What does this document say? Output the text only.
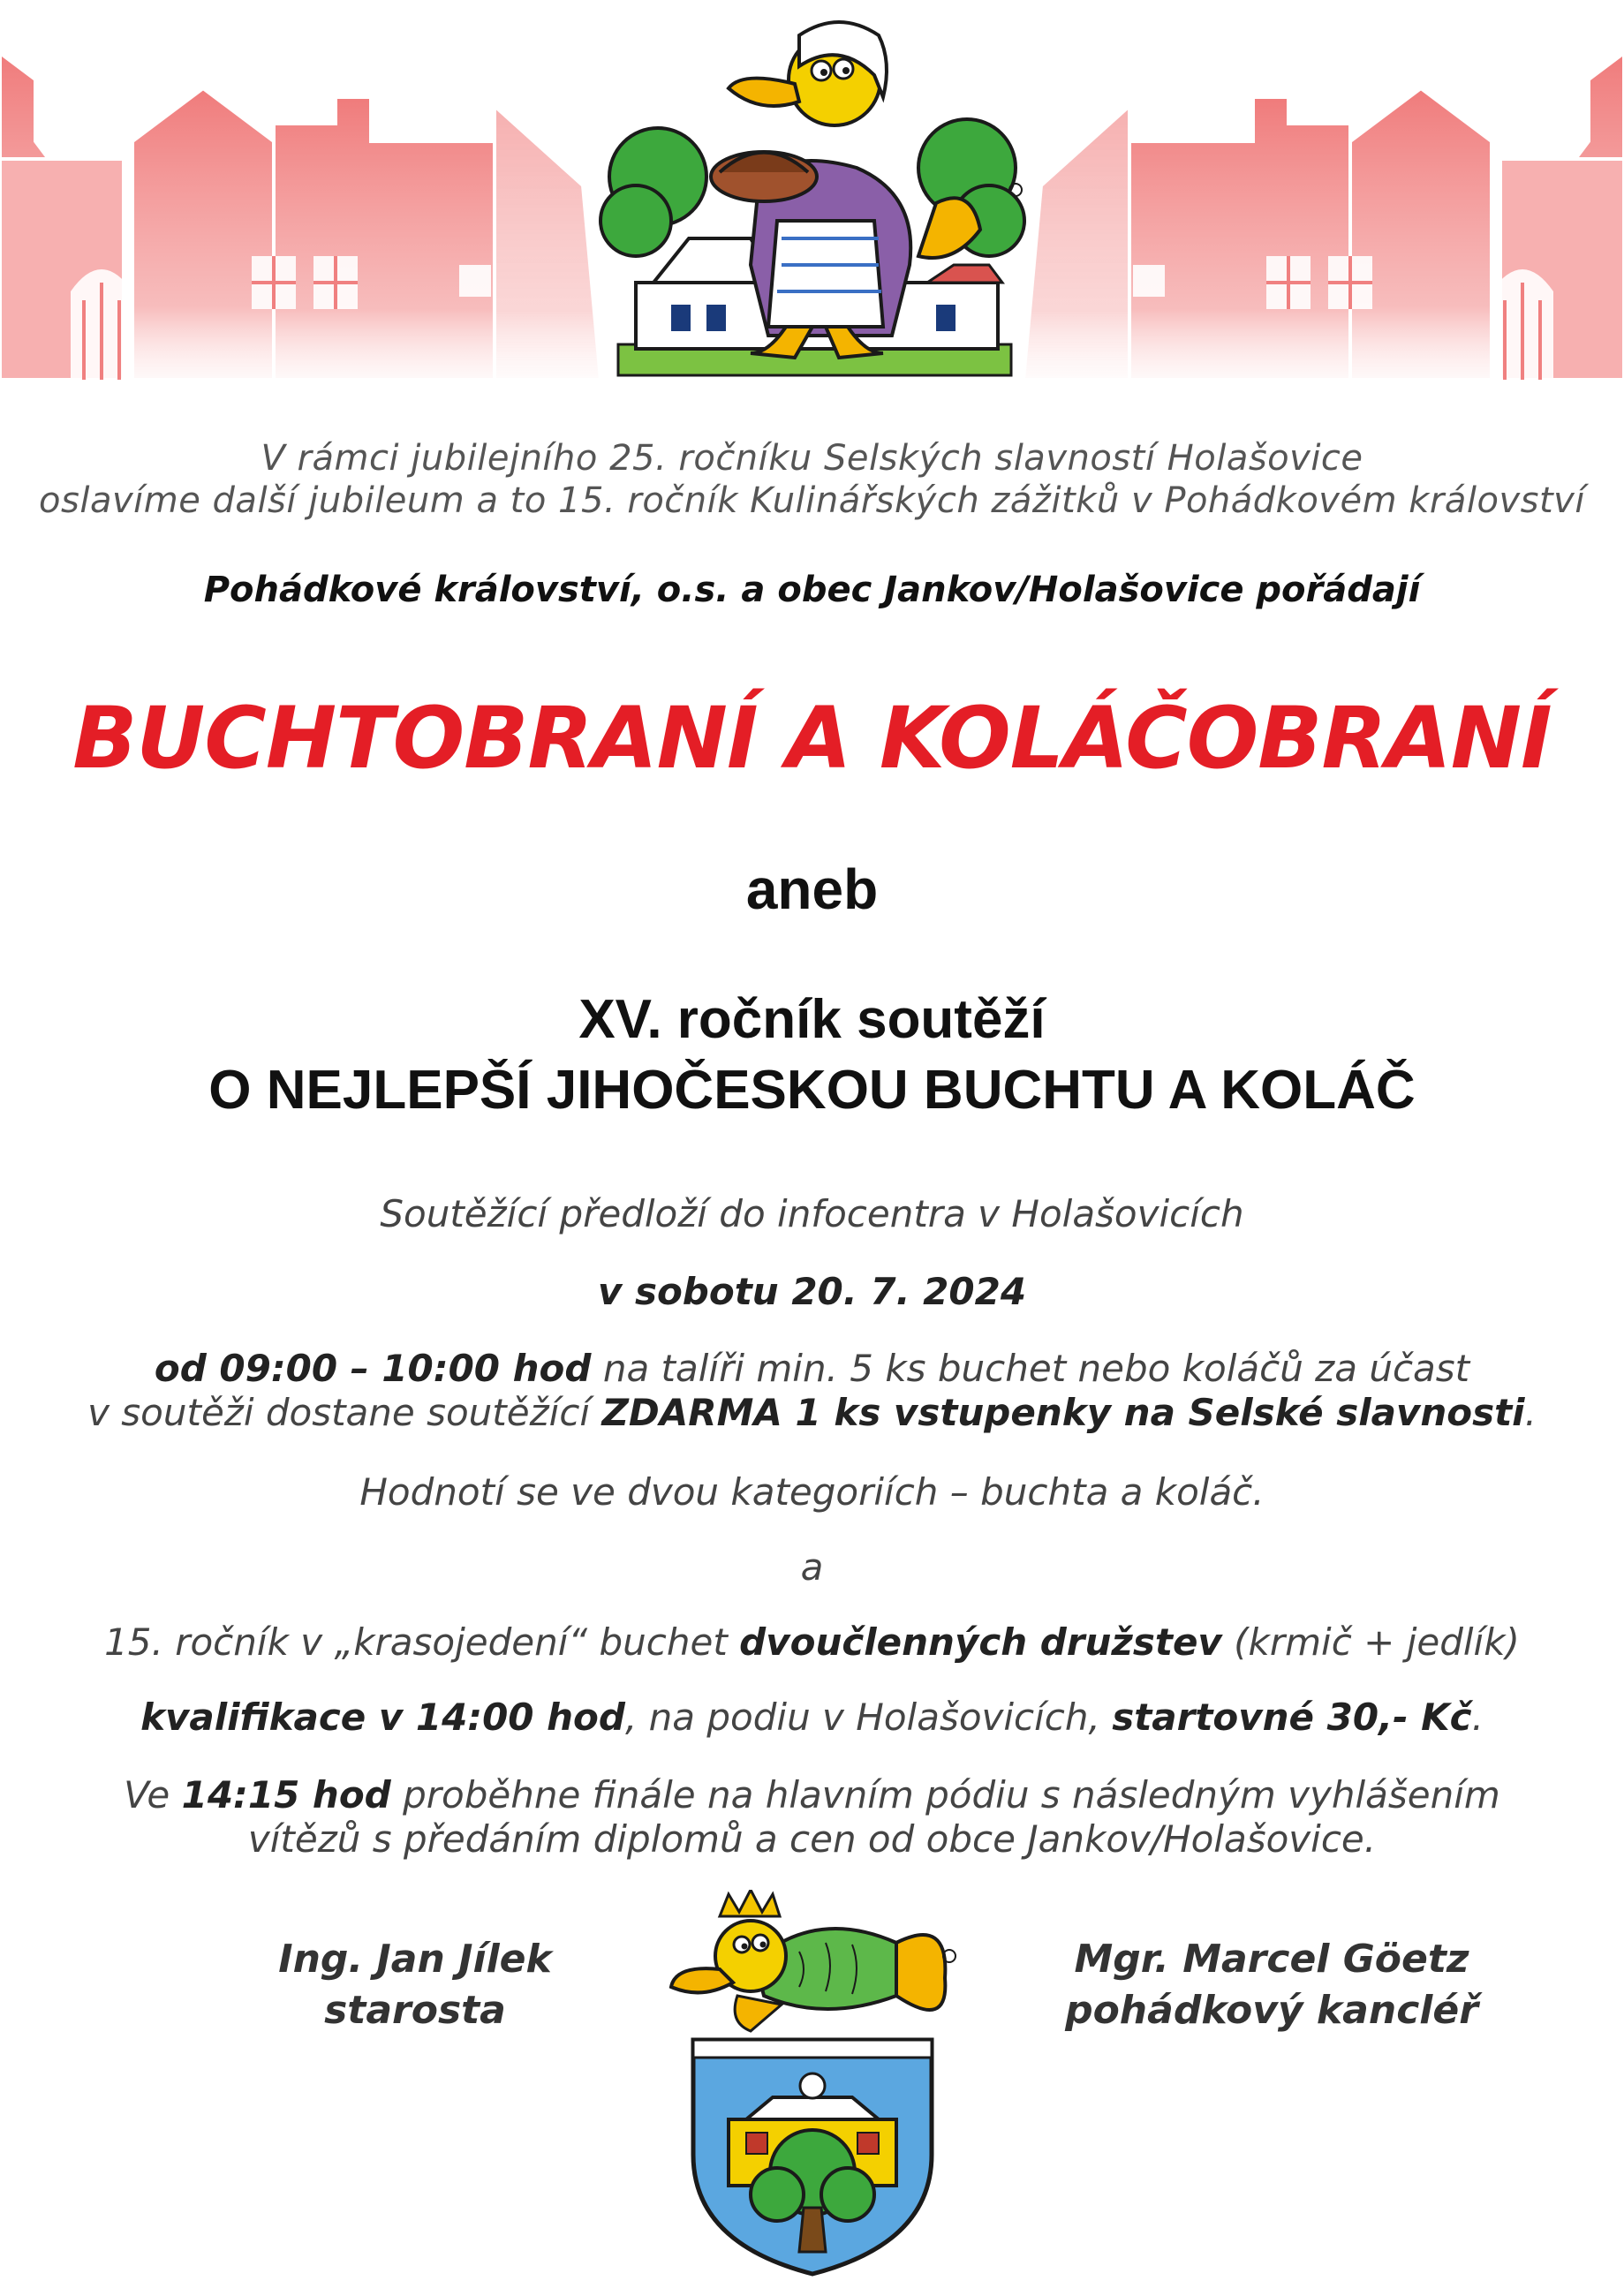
V rámci jubilejního 25. ročníku Selských slavností Holašovice
oslavíme další jubileum a to 15. ročník Kulinářských zážitků v Pohádkovém království
Pohádkové království, o.s. a obec Jankov/Holašovice pořádají
BUCHTOBRANÍ A KOLÁČOBRANÍ
aneb
XV. ročník soutěží
O NEJLEPŠÍ JIHOČESKOU BUCHTU A KOLÁČ
Soutěžící předloží do infocentra v Holašovicích
v sobotu 20. 7. 2024
od 09:00 – 10:00 hod na talíři min. 5 ks buchet nebo koláčů za účast
v soutěži dostane soutěžící ZDARMA 1 ks vstupenky na Selské slavnosti.
Hodnotí se ve dvou kategoriích – buchta a koláč.
a
15. ročník v „krasojedení“ buchet dvoučlenných družstev (krmič + jedlík)
kvalifikace v 14:00 hod, na podiu v Holašovicích, startovné 30,- Kč.
Ve 14:15 hod proběhne finále na hlavním pódiu s následným vyhlášením
vítězů s předáním diplomů a cen od obce Jankov/Holašovice.
Ing. Jan Jílek
starosta
Mgr. Marcel Göetz
pohádkový kancléř
